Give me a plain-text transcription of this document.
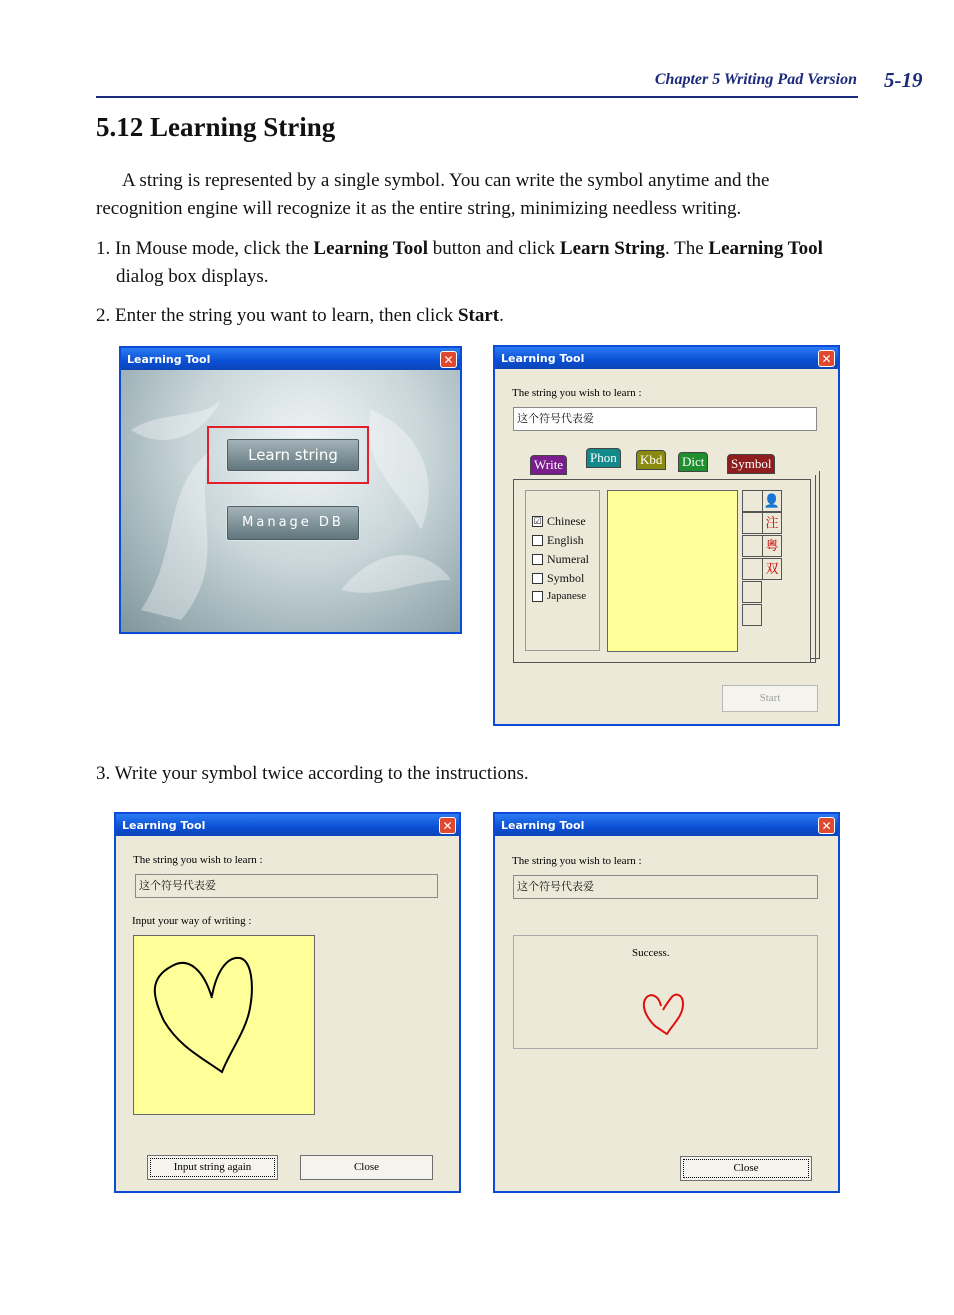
Chapter 5 Writing Pad Version 5-19
5.12 Learning String
A string is represented by a single symbol. You can write the symbol anytime and the recognition engine will recognize it as the entire string, minimizing needless writing.
1. In Mouse mode, click the Learning Tool button and click Learn String. The Learning Tool dialog box displays.
2. Enter the string you want to learn, then click Start.
Learning Tool	✕
Learn string
Manage DB
Learning Tool	✕
The string you wish to learn :
这个符号代表爱
Write	Phon	Kbd	Dict	Symbol
☑ Chinese
English
Numeral
Symbol
Japanese
👤
注
粵
双
Start
3. Write your symbol twice according to the instructions.
Learning Tool	✕
The string you wish to learn :
这个符号代表爱
Input your way of writing :
Input string again	Close
Learning Tool	✕
The string you wish to learn :
这个符号代表爱
Success.
Close
